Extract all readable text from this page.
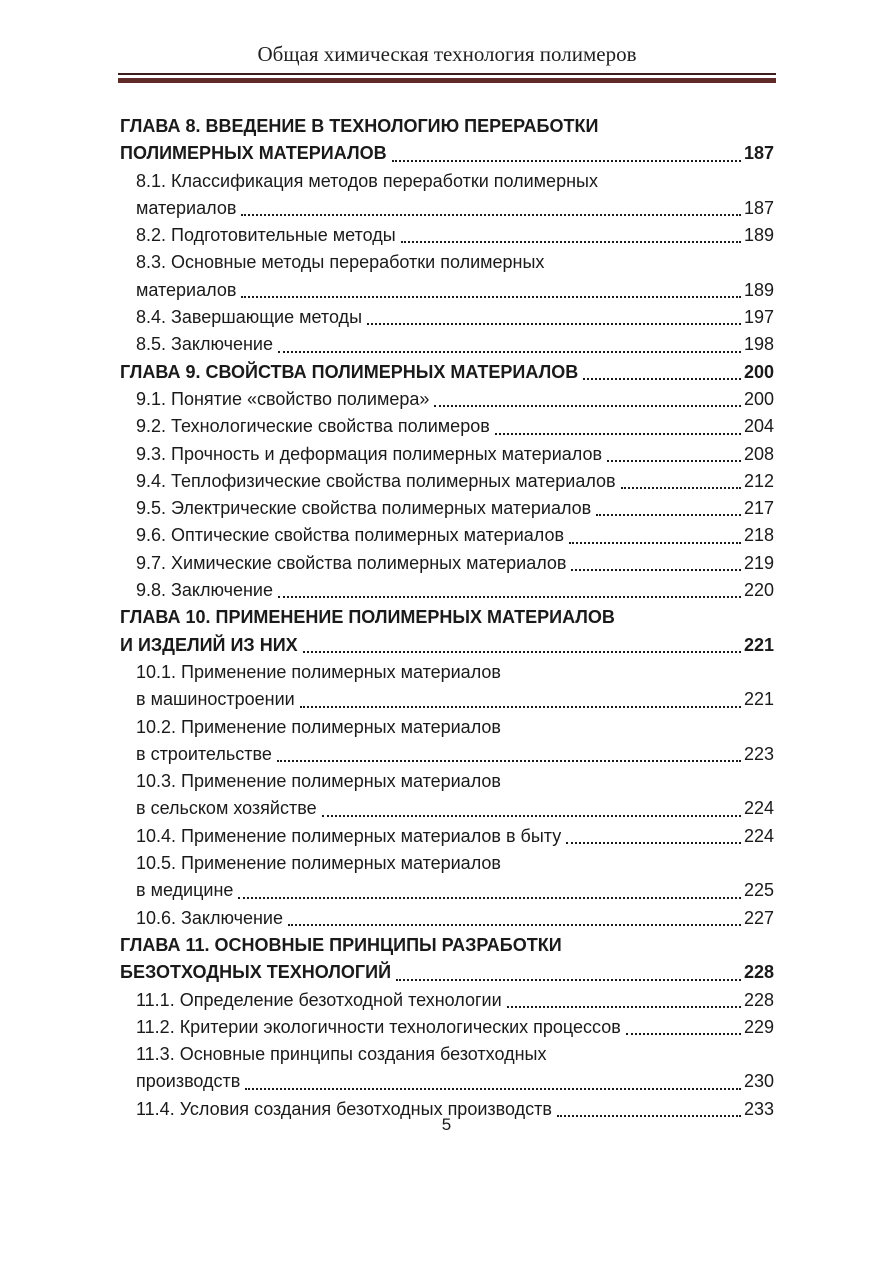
Общая химическая технология полимеров
ГЛАВА 8. ВВЕДЕНИЕ В ТЕХНОЛОГИЮ ПЕРЕРАБОТКИ
ПОЛИМЕРНЫХ МАТЕРИАЛОВ	187
8.1. Классификация методов переработки полимерных
материалов	187
8.2. Подготовительные методы	189
8.3. Основные методы переработки полимерных
материалов	189
8.4. Завершающие методы	197
8.5. Заключение	198
ГЛАВА 9. СВОЙСТВА ПОЛИМЕРНЫХ МАТЕРИАЛОВ	200
9.1. Понятие «свойство полимера»	200
9.2. Технологические свойства полимеров	204
9.3. Прочность и деформация полимерных материалов	208
9.4. Теплофизические свойства полимерных материалов	212
9.5. Электрические свойства полимерных материалов	217
9.6. Оптические свойства полимерных материалов	218
9.7. Химические свойства полимерных материалов	219
9.8. Заключение	220
ГЛАВА 10. ПРИМЕНЕНИЕ ПОЛИМЕРНЫХ МАТЕРИАЛОВ
И ИЗДЕЛИЙ ИЗ НИХ	221
10.1. Применение полимерных материалов
в машиностроении	221
10.2. Применение полимерных материалов
в строительстве	223
10.3. Применение полимерных материалов
в сельском хозяйстве	224
10.4. Применение полимерных материалов в быту	224
10.5. Применение полимерных материалов
в медицине	225
10.6. Заключение	227
ГЛАВА 11. ОСНОВНЫЕ ПРИНЦИПЫ РАЗРАБОТКИ
БЕЗОТХОДНЫХ ТЕХНОЛОГИЙ	228
11.1. Определение безотходной технологии	228
11.2. Критерии экологичности технологических процессов	229
11.3. Основные принципы создания безотходных
производств	230
11.4. Условия создания безотходных производств	233
5
